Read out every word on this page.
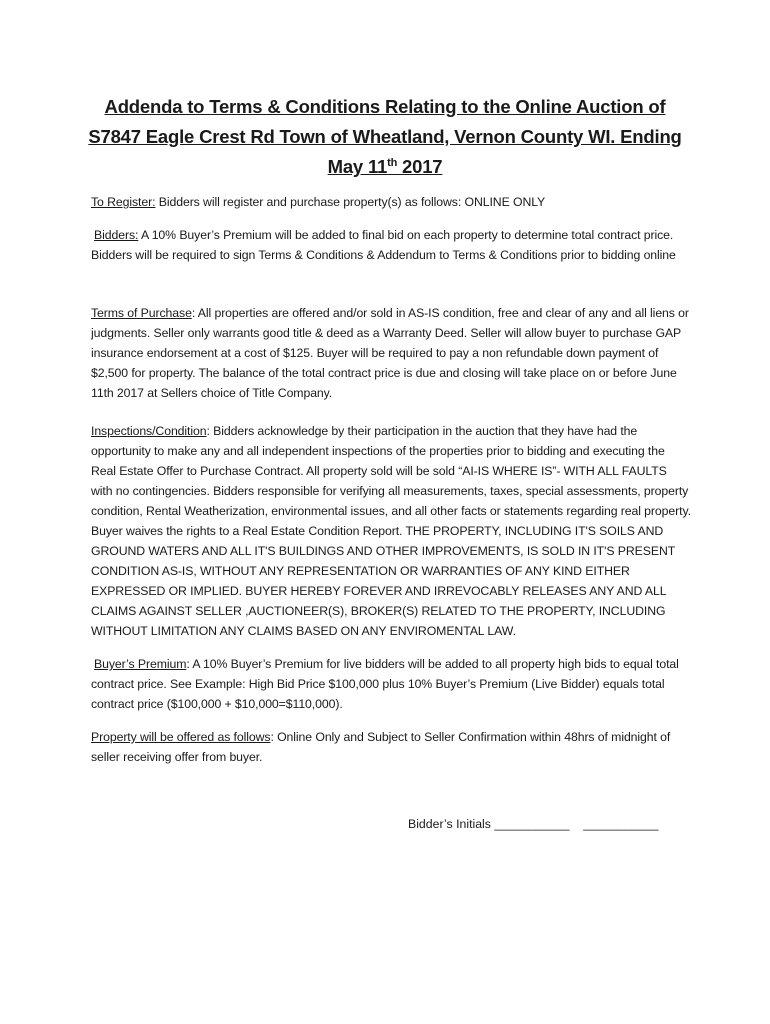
Addenda to Terms & Conditions Relating to the Online Auction of
S7847 Eagle Crest Rd Town of Wheatland, Vernon County WI. Ending
May 11th 2017
To Register: Bidders will register and purchase property(s) as follows: ONLINE ONLY
Bidders: A 10% Buyer’s Premium will be added to final bid on each property to determine total contract price. Bidders will be required to sign Terms & Conditions & Addendum to Terms & Conditions prior to bidding online
Terms of Purchase: All properties are offered and/or sold in AS-IS condition, free and clear of any and all liens or judgments. Seller only warrants good title & deed as a Warranty Deed. Seller will allow buyer to purchase GAP insurance endorsement at a cost of $125. Buyer will be required to pay a non refundable down payment of $2,500 for property. The balance of the total contract price is due and closing will take place on or before June 11th 2017 at Sellers choice of Title Company.
Inspections/Condition: Bidders acknowledge by their participation in the auction that they have had the opportunity to make any and all independent inspections of the properties prior to bidding and executing the Real Estate Offer to Purchase Contract. All property sold will be sold “AI-IS WHERE IS”- WITH ALL FAULTS with no contingencies. Bidders responsible for verifying all measurements, taxes, special assessments, property condition, Rental Weatherization, environmental issues, and all other facts or statements regarding real property. Buyer waives the rights to a Real Estate Condition Report. THE PROPERTY, INCLUDING IT'S SOILS AND GROUND WATERS AND ALL IT'S BUILDINGS AND OTHER IMPROVEMENTS, IS SOLD IN IT'S PRESENT CONDITION AS-IS, WITHOUT ANY REPRESENTATION OR WARRANTIES OF ANY KIND EITHER EXPRESSED OR IMPLIED. BUYER HEREBY FOREVER AND IRREVOCABLY RELEASES ANY AND ALL CLAIMS AGAINST SELLER ,AUCTIONEER(S), BROKER(S) RELATED TO THE PROPERTY, INCLUDING WITHOUT LIMITATION ANY CLAIMS BASED ON ANY ENVIROMENTAL LAW.
Buyer’s Premium: A 10% Buyer’s Premium for live bidders will be added to all property high bids to equal total contract price. See Example: High Bid Price $100,000 plus 10% Buyer’s Premium (Live Bidder) equals total contract price ($100,000 + $10,000=$110,000).
Property will be offered as follows: Online Only and Subject to Seller Confirmation within 48hrs of midnight of seller receiving offer from buyer.
Bidder’s Initials ___________    ___________
